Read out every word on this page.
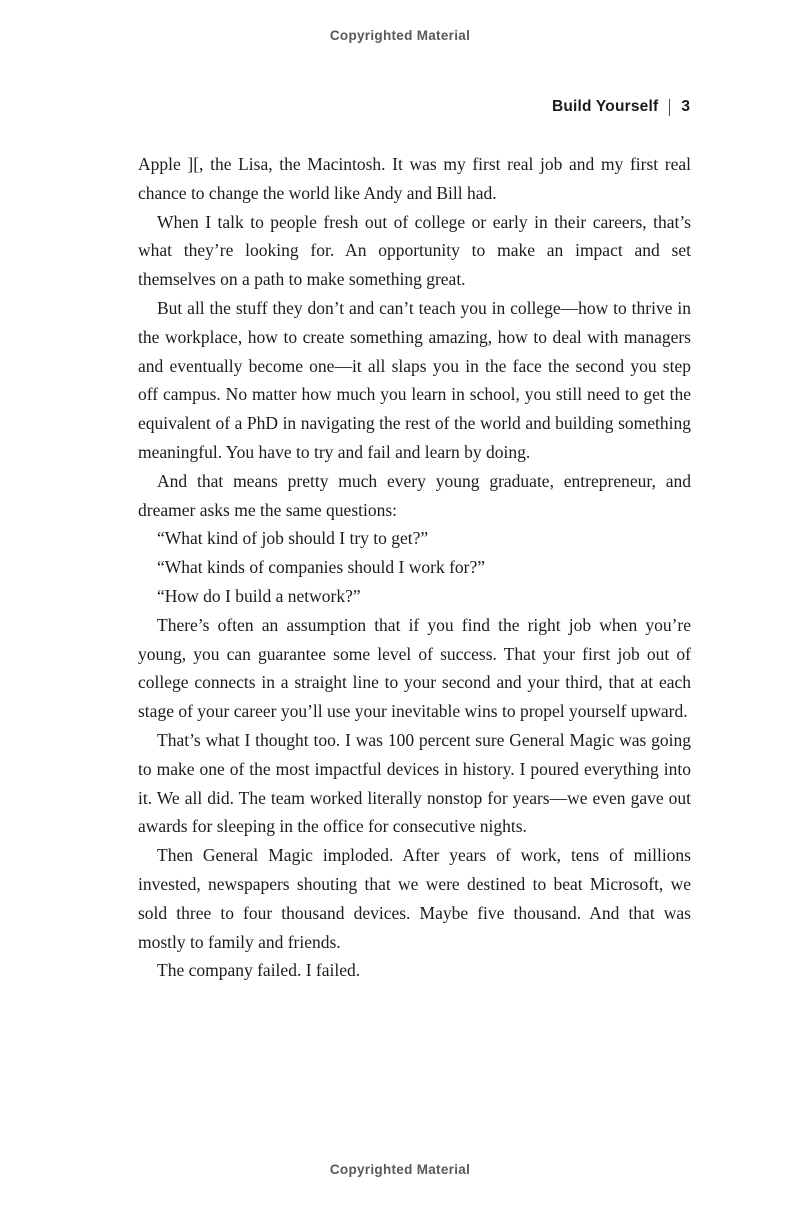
Copyrighted Material
Build Yourself 3

Apple ][, the Lisa, the Macintosh. It was my first real job and my first real chance to change the world like Andy and Bill had.

When I talk to people fresh out of college or early in their careers, that’s what they’re looking for. An opportunity to make an impact and set themselves on a path to make something great.

But all the stuff they don’t and can’t teach you in college—how to thrive in the workplace, how to create something amazing, how to deal with managers and eventually become one—it all slaps you in the face the second you step off campus. No matter how much you learn in school, you still need to get the equivalent of a PhD in navigating the rest of the world and building something meaningful. You have to try and fail and learn by doing.

And that means pretty much every young graduate, entrepreneur, and dreamer asks me the same questions:

“What kind of job should I try to get?”

“What kinds of companies should I work for?”

“How do I build a network?”

There’s often an assumption that if you find the right job when you’re young, you can guarantee some level of success. That your first job out of college connects in a straight line to your second and your third, that at each stage of your career you’ll use your inevitable wins to propel yourself upward.

That’s what I thought too. I was 100 percent sure General Magic was going to make one of the most impactful devices in history. I poured everything into it. We all did. The team worked literally nonstop for years—we even gave out awards for sleeping in the office for consecutive nights.

Then General Magic imploded. After years of work, tens of millions invested, newspapers shouting that we were destined to beat Microsoft, we sold three to four thousand devices. Maybe five thousand. And that was mostly to family and friends.

The company failed. I failed.

Copyrighted Material
